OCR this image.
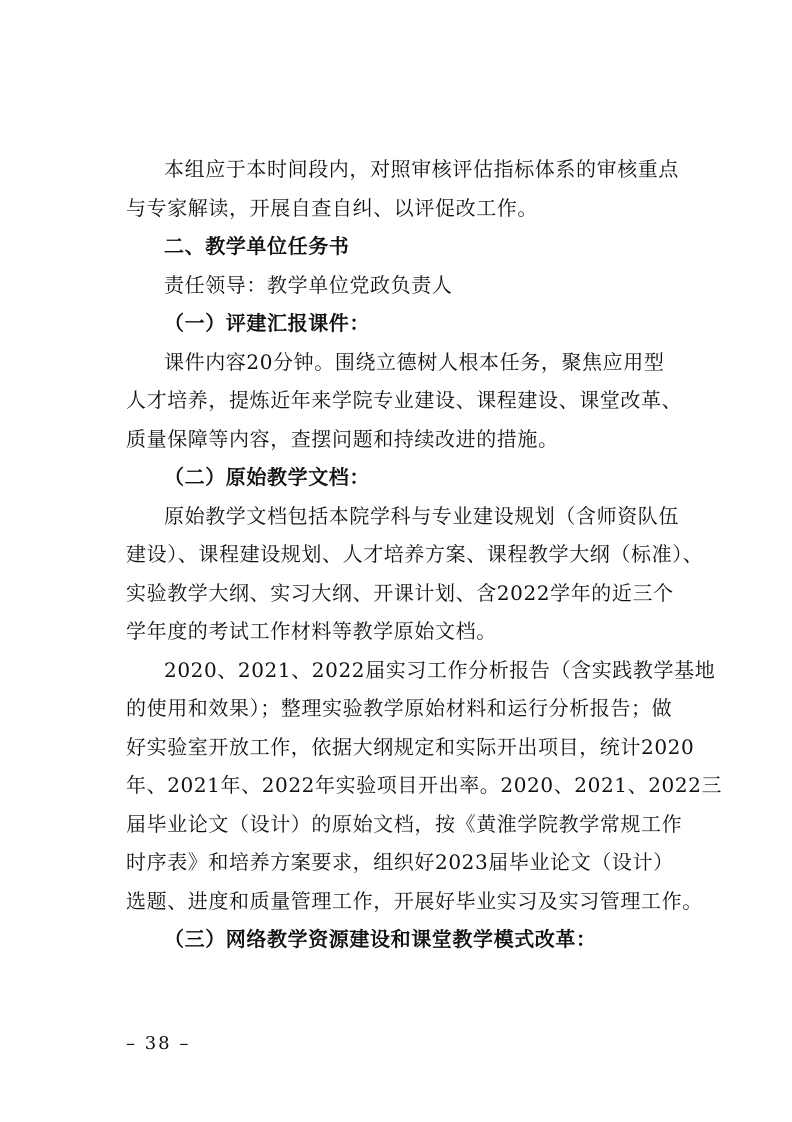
本组应于本时间段内，对照审核评估指标体系的审核重点
与专家解读，开展自查自纠、以评促改工作。
二、教学单位任务书
责任领导：教学单位党政负责人
（一）评建汇报课件：
课件内容20分钟。围绕立德树人根本任务，聚焦应用型
人才培养，提炼近年来学院专业建设、课程建设、课堂改革、
质量保障等内容，查摆问题和持续改进的措施。
（二）原始教学文档：
原始教学文档包括本院学科与专业建设规划（含师资队伍
建设）、课程建设规划、人才培养方案、课程教学大纲（标准）、
实验教学大纲、实习大纲、开课计划、含2022学年的近三个
学年度的考试工作材料等教学原始文档。
2020、2021、2022届实习工作分析报告（含实践教学基地
的使用和效果）；整理实验教学原始材料和运行分析报告；做
好实验室开放工作，依据大纲规定和实际开出项目，统计2020
年、2021年、2022年实验项目开出率。2020、2021、2022三
届毕业论文（设计）的原始文档，按《黄淮学院教学常规工作
时序表》和培养方案要求，组织好2023届毕业论文（设计）
选题、进度和质量管理工作，开展好毕业实习及实习管理工作。
（三）网络教学资源建设和课堂教学模式改革：
– 38 –
